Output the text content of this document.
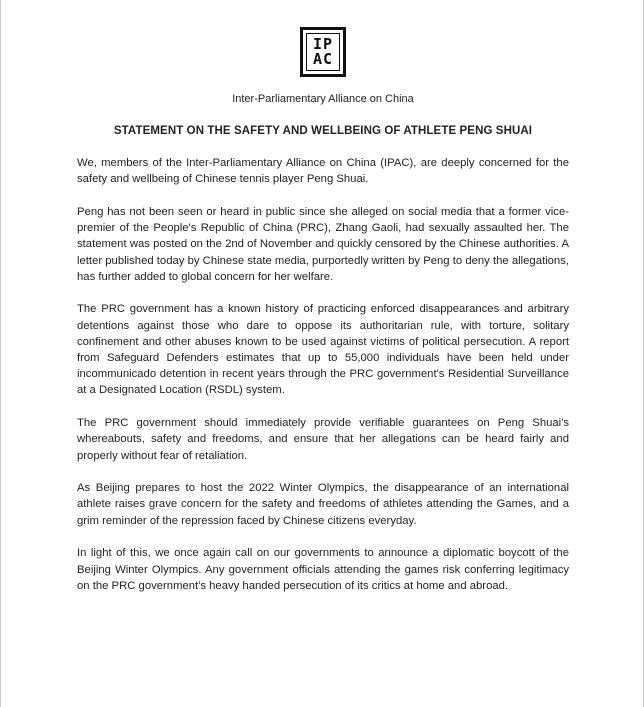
IP
AC
Inter-Parliamentary Alliance on China
STATEMENT ON THE SAFETY AND WELLBEING OF ATHLETE PENG SHUAI

We, members of the Inter-Parliamentary Alliance on China (IPAC), are deeply concerned for the safety and wellbeing of Chinese tennis player Peng Shuai.

Peng has not been seen or heard in public since she alleged on social media that a former vice-premier of the People's Republic of China (PRC), Zhang Gaoli, had sexually assaulted her. The statement was posted on the 2nd of November and quickly censored by the Chinese authorities. A letter published today by Chinese state media, purportedly written by Peng to deny the allegations, has further added to global concern for her welfare.

The PRC government has a known history of practicing enforced disappearances and arbitrary detentions against those who dare to oppose its authoritarian rule, with torture, solitary confinement and other abuses known to be used against victims of political persecution. A report from Safeguard Defenders estimates that up to 55,000 individuals have been held under incommunicado detention in recent years through the PRC government's Residential Surveillance at a Designated Location (RSDL) system.

The PRC government should immediately provide verifiable guarantees on Peng Shuai's whereabouts, safety and freedoms, and ensure that her allegations can be heard fairly and properly without fear of retaliation.

As Beijing prepares to host the 2022 Winter Olympics, the disappearance of an international athlete raises grave concern for the safety and freedoms of athletes attending the Games, and a grim reminder of the repression faced by Chinese citizens everyday.

In light of this, we once again call on our governments to announce a diplomatic boycott of the Beijing Winter Olympics. Any government officials attending the games risk conferring legitimacy on the PRC government's heavy handed persecution of its critics at home and abroad.
